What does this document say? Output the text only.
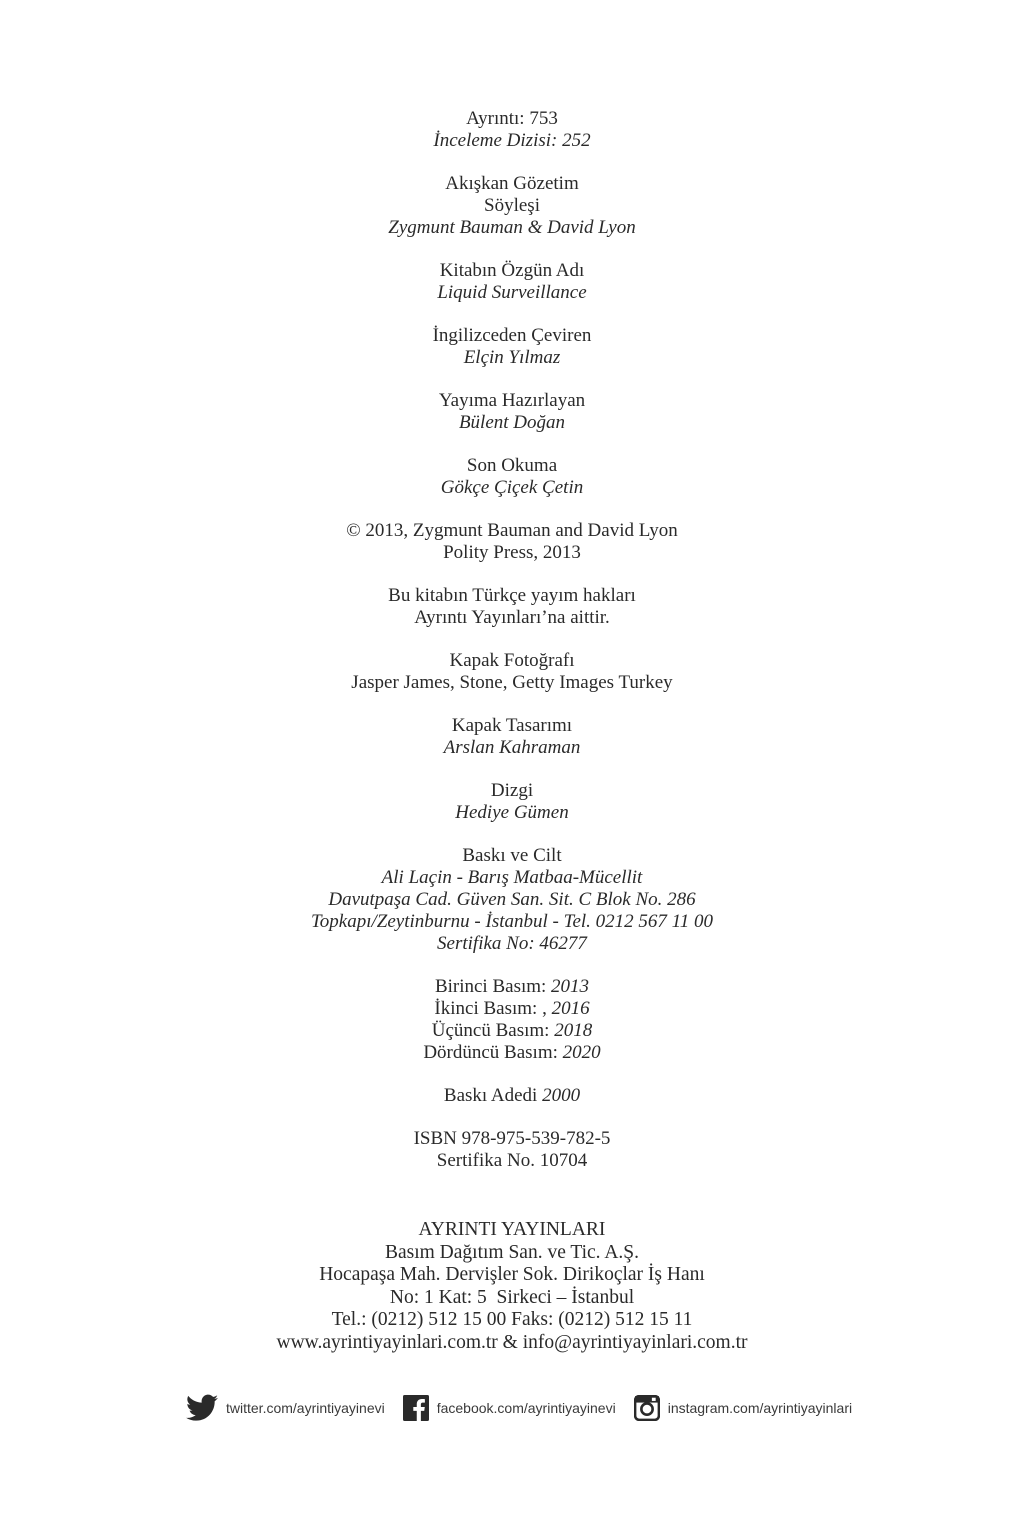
Ayrıntı: 753
İnceleme Dizisi: 252
Akışkan Gözetim
Söyleşi
Zygmunt Bauman & David Lyon
Kitabın Özgün Adı
Liquid Surveillance
İngilizceden Çeviren
Elçin Yılmaz
Yayıma Hazırlayan
Bülent Doğan
Son Okuma
Gökçe Çiçek Çetin
© 2013, Zygmunt Bauman and David Lyon
Polity Press, 2013
Bu kitabın Türkçe yayım hakları
Ayrıntı Yayınları’na aittir.
Kapak Fotoğrafı
Jasper James, Stone, Getty Images Turkey
Kapak Tasarımı
Arslan Kahraman
Dizgi
Hediye Gümen
Baskı ve Cilt
Ali Laçin - Barış Matbaa-Mücellit
Davutpaşa Cad. Güven San. Sit. C Blok No. 286
Topkapı/Zeytinburnu - İstanbul - Tel. 0212 567 11 00
Sertifika No: 46277
Birinci Basım: 2013
İkinci Basım: , 2016
Üçüncü Basım: 2018
Dördüncü Basım: 2020
Baskı Adedi 2000
ISBN 978-975-539-782-5
Sertifika No. 10704
AYRINTI YAYINLARI
Basım Dağıtım San. ve Tic. A.Ş.
Hocapaşa Mah. Dervişler Sok. Dirikoçlar İş Hanı
No: 1 Kat: 5  Sirkeci – İstanbul
Tel.: (0212) 512 15 00 Faks: (0212) 512 15 11
www.ayrintiyayinlari.com.tr & info@ayrintiyayinlari.com.tr
twitter.com/ayrintiyayinevi	facebook.com/ayrintiyayinevi	instagram.com/ayrintiyayinlari
